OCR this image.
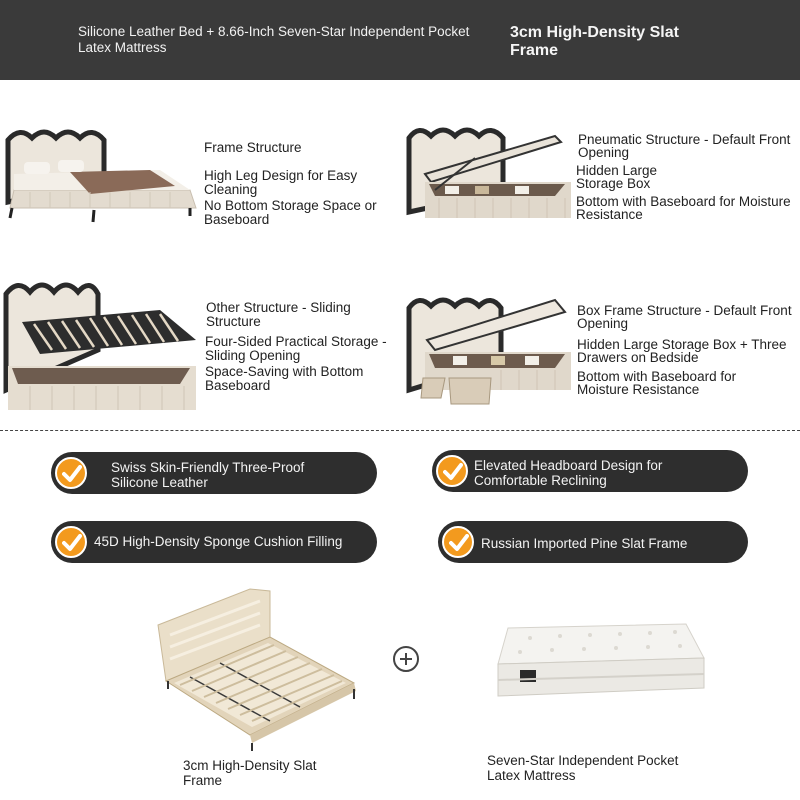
Silicone Leather Bed + 8.66-Inch Seven-Star Independent Pocket Latex Mattress
3cm High-Density Slat Frame
Frame Structure
High Leg Design for Easy Cleaning
No Bottom Storage Space or Baseboard
Pneumatic Structure - Default Front Opening
Hidden Large Storage Box
Bottom with Baseboard for Moisture Resistance
Other Structure - Sliding Structure
Four-Sided Practical Storage - Sliding Opening
Space-Saving with Bottom Baseboard
Box Frame Structure - Default Front Opening
Hidden Large Storage Box + Three Drawers on Bedside
Bottom with Baseboard for Moisture Resistance
Swiss Skin-Friendly Three-Proof Silicone Leather
Elevated Headboard Design for Comfortable Reclining
45D High-Density Sponge Cushion Filling	Russian Imported Pine Slat Frame
3cm High-Density Slat Frame
Seven-Star Independent Pocket Latex Mattress
